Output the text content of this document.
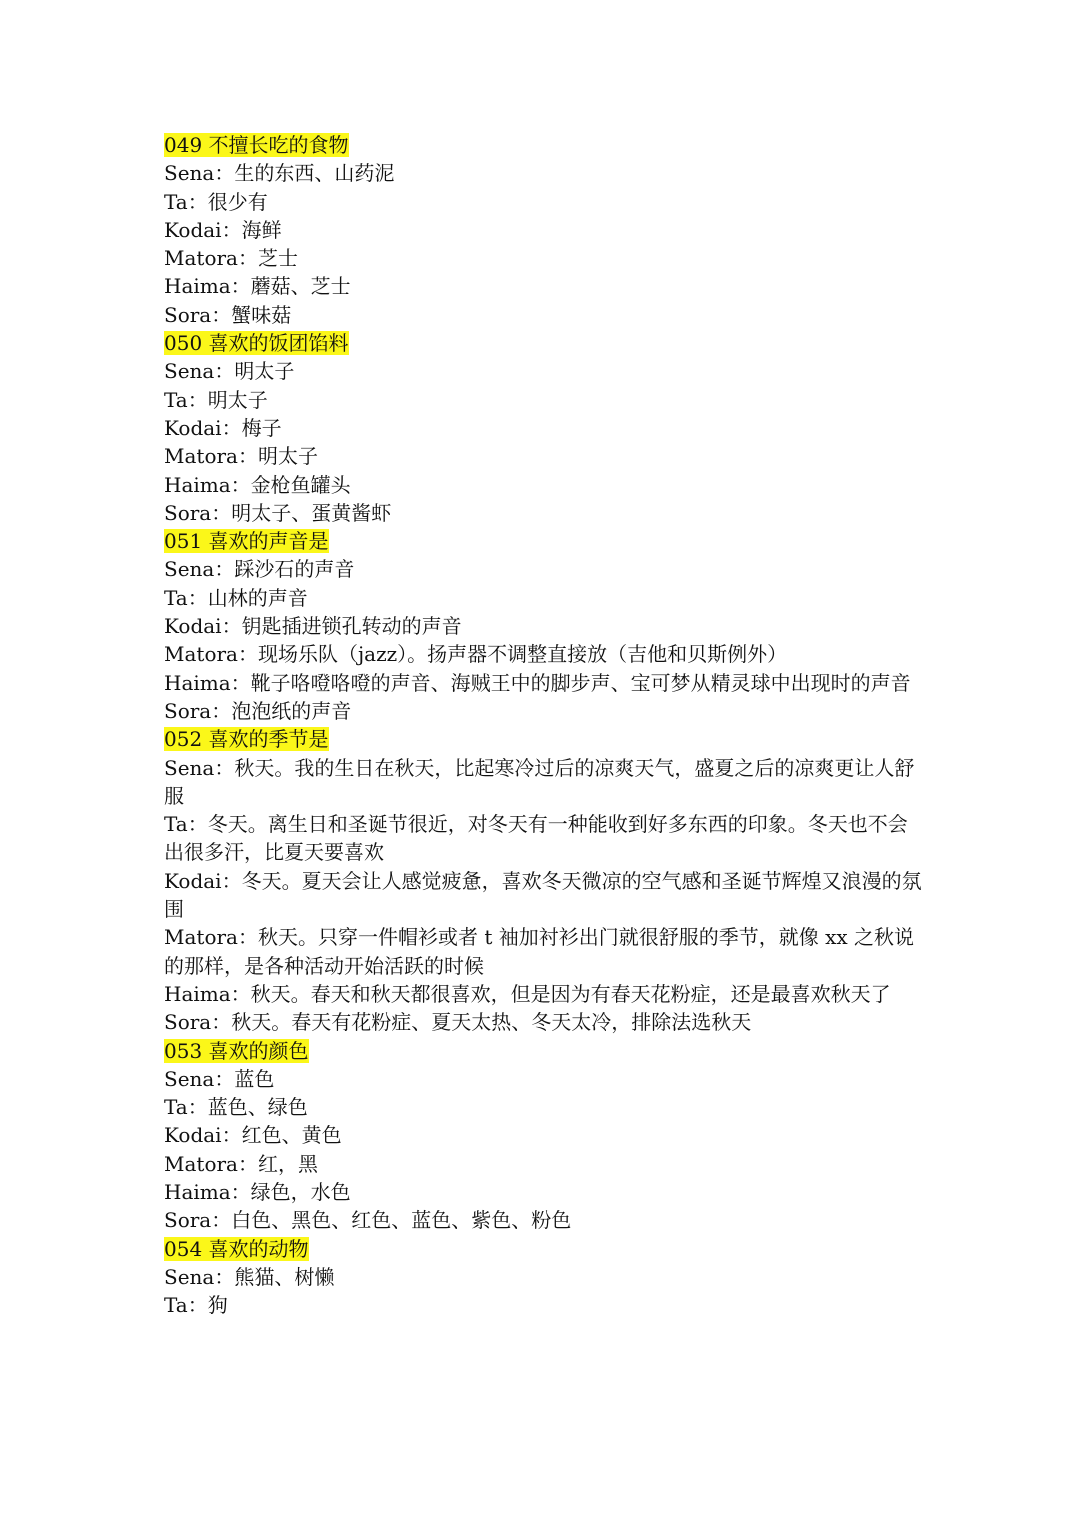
049 不擅长吃的食物
Sena：生的东西、山药泥
Ta：很少有
Kodai：海鲜
Matora：芝士
Haima：蘑菇、芝士
Sora：蟹味菇
050 喜欢的饭团馅料
Sena：明太子
Ta：明太子
Kodai：梅子
Matora：明太子
Haima：金枪鱼罐头
Sora：明太子、蛋黄酱虾
051 喜欢的声音是
Sena：踩沙石的声音
Ta：山林的声音
Kodai：钥匙插进锁孔转动的声音
Matora：现场乐队（jazz）。扬声器不调整直接放（吉他和贝斯例外）
Haima：靴子咯噔咯噔的声音、海贼王中的脚步声、宝可梦从精灵球中出现时的声音
Sora：泡泡纸的声音
052 喜欢的季节是
Sena：秋天。我的生日在秋天，比起寒冷过后的凉爽天气，盛夏之后的凉爽更让人舒服
Ta：冬天。离生日和圣诞节很近，对冬天有一种能收到好多东西的印象。冬天也不会出很多汗，比夏天要喜欢
Kodai：冬天。夏天会让人感觉疲惫，喜欢冬天微凉的空气感和圣诞节辉煌又浪漫的氛围
Matora：秋天。只穿一件帽衫或者 t 袖加衬衫出门就很舒服的季节，就像 xx 之秋说的那样，是各种活动开始活跃的时候
Haima：秋天。春天和秋天都很喜欢，但是因为有春天花粉症，还是最喜欢秋天了
Sora：秋天。春天有花粉症、夏天太热、冬天太冷，排除法选秋天
053 喜欢的颜色
Sena：蓝色
Ta：蓝色、绿色
Kodai：红色、黄色
Matora：红，黑
Haima：绿色，水色
Sora：白色、黑色、红色、蓝色、紫色、粉色
054 喜欢的动物
Sena：熊猫、树懒
Ta：狗
